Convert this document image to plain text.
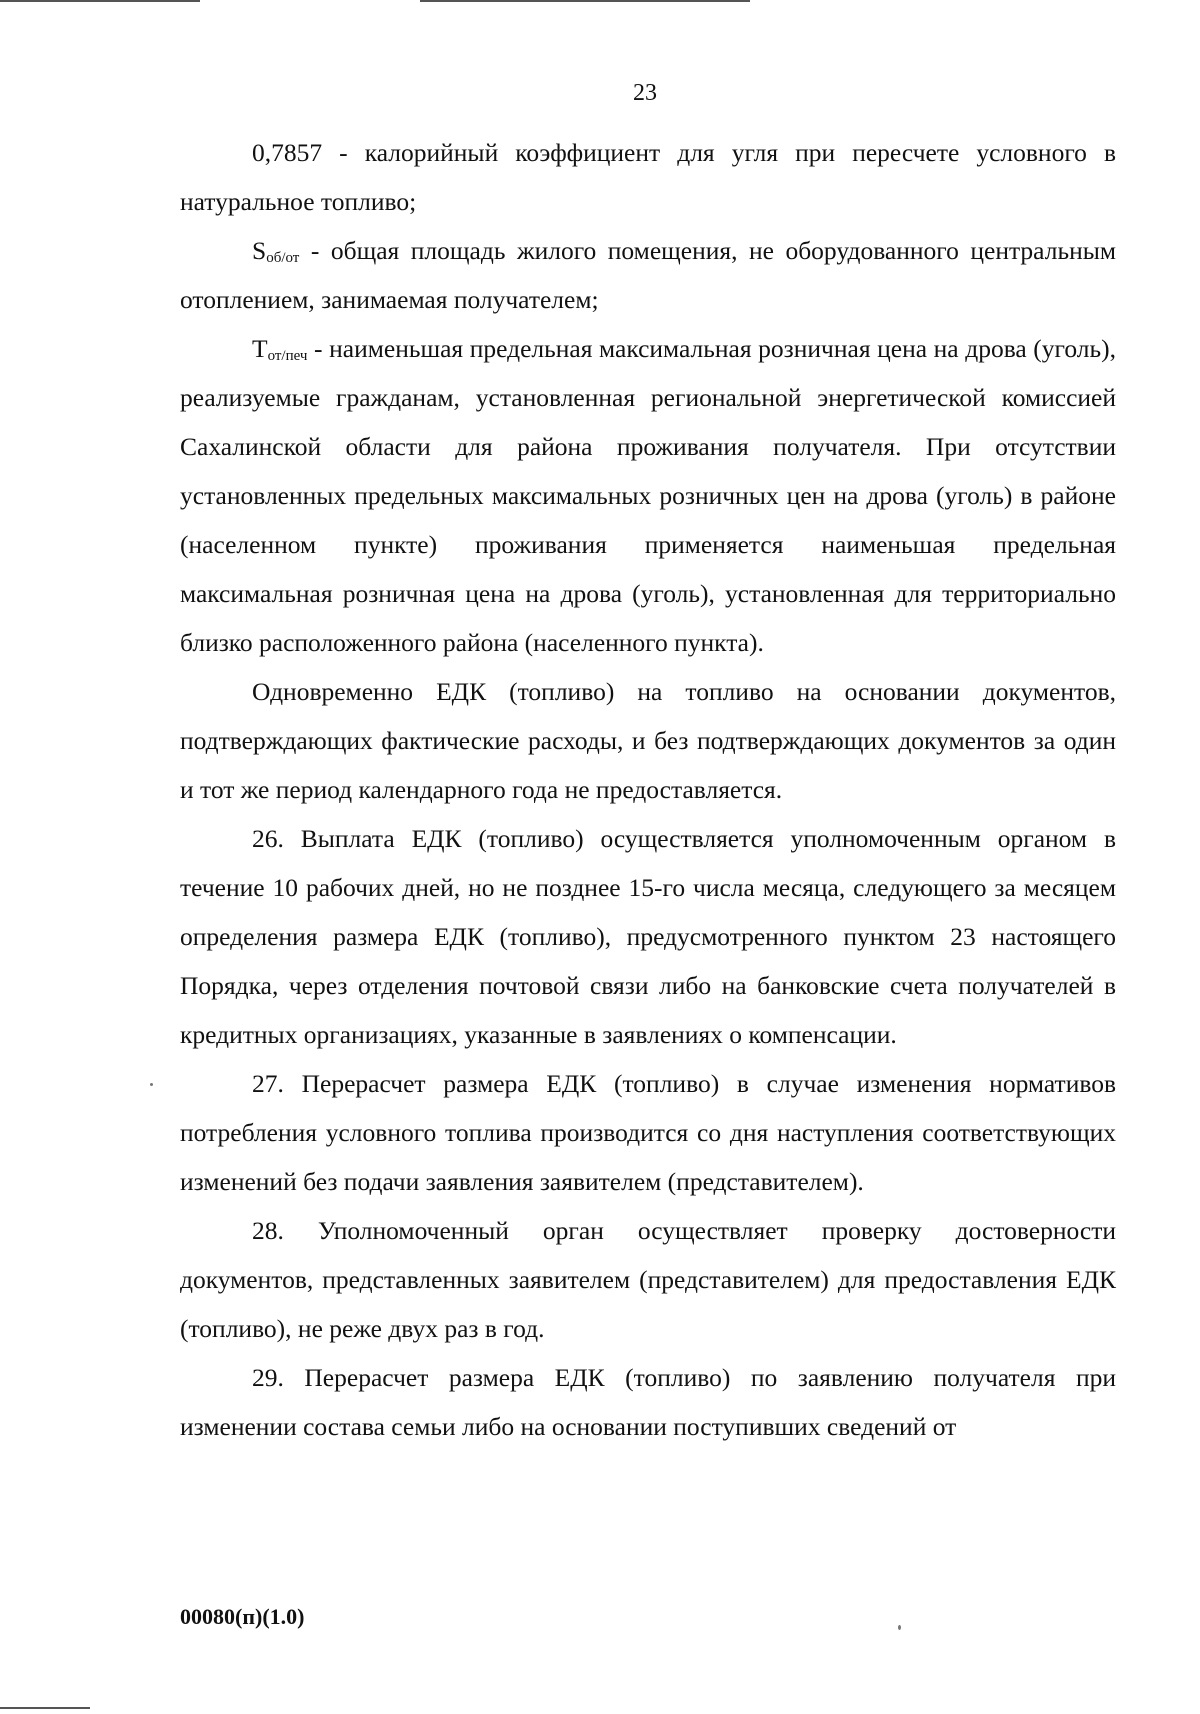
23

0,7857 - калорийный коэффициент для угля при пересчете условного в натуральное топливо;

$S_{об/от}$ - общая площадь жилого помещения, не оборудованного центральным отоплением, занимаемая получателем;

$T_{от/печ}$ - наименьшая предельная максимальная розничная цена на дрова (уголь), реализуемые гражданам, установленная региональной энергетической комиссией Сахалинской области для района проживания получателя. При отсутствии установленных предельных максимальных розничных цен на дрова (уголь) в районе (населенном пункте) проживания применяется наименьшая предельная максимальная розничная цена на дрова (уголь), установленная для территориально близко расположенного района (населенного пункта).

Одновременно ЕДК (топливо) на топливо на основании документов, подтверждающих фактические расходы, и без подтверждающих документов за один и тот же период календарного года не предоставляется.

26. Выплата ЕДК (топливо) осуществляется уполномоченным органом в течение 10 рабочих дней, но не позднее 15-го числа месяца, следующего за месяцем определения размера ЕДК (топливо), предусмотренного пунктом 23 настоящего Порядка, через отделения почтовой связи либо на банковские счета получателей в кредитных организациях, указанные в заявлениях о компенсации.

27. Перерасчет размера ЕДК (топливо) в случае изменения нормативов потребления условного топлива производится со дня наступления соответствующих изменений без подачи заявления заявителем (представителем).

28. Уполномоченный орган осуществляет проверку достоверности документов, представленных заявителем (представителем) для предоставления ЕДК (топливо), не реже двух раз в год.

29. Перерасчет размера ЕДК (топливо) по заявлению получателя при изменении состава семьи либо на основании поступивших сведений от

00080(п)(1.0)
